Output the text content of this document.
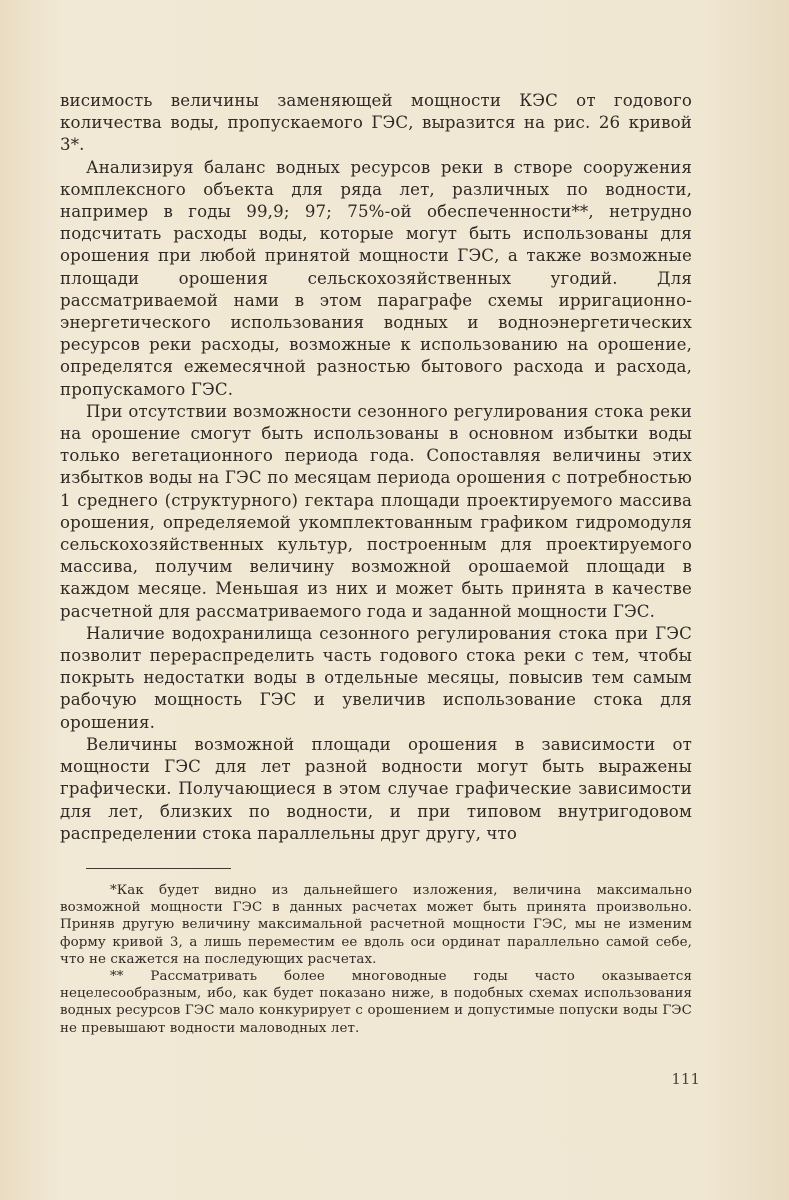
висимость величины заменяющей мощности КЭС от годового количества воды, пропускаемого ГЭС, выразится на рис. 26 кривой 3*.

Анализируя баланс водных ресурсов реки в створе сооружения комплексного объекта для ряда лет, различных по водности, например в годы 99,9; 97; 75%-ой обеспеченности**, нетрудно подсчитать расходы воды, которые могут быть использованы для орошения при любой принятой мощности ГЭС, а также возможные площади орошения сельскохозяйственных угодий. Для рассматриваемой нами в этом параграфе схемы ирригационно-энергетического использования водных и водноэнергетических ресурсов реки расходы, возможные к использованию на орошение, определятся ежемесячной разностью бытового расхода и расхода, пропускамого ГЭС.

При отсутствии возможности сезонного регулирования стока реки на орошение смогут быть использованы в основном избытки воды только вегетационного периода года. Сопоставляя величины этих избытков воды на ГЭС по месяцам периода орошения с потребностью 1 среднего (структурного) гектара площади проектируемого массива орошения, определяемой укомплектованным графиком гидромодуля сельскохозяйственных культур, построенным для проектируемого массива, получим величину возможной орошаемой площади в каждом месяце. Меньшая из них и может быть принята в качестве расчетной для рассматриваемого года и заданной мощности ГЭС.

Наличие водохранилища сезонного регулирования стока при ГЭС позволит перераспределить часть годового стока реки с тем, чтобы покрыть недостатки воды в отдельные месяцы, повысив тем самым рабочую мощность ГЭС и увеличив использование стока для орошения.

Величины возможной площади орошения в зависимости от мощности ГЭС для лет разной водности могут быть выражены графически. Получающиеся в этом случае графические зависимости для лет, близких по водности, и при типовом внутригодовом распределении стока параллельны друг другу, что

*Как будет видно из дальнейшего изложения, величина максимально возможной мощности ГЭС в данных расчетах может быть принята произвольно. Приняв другую величину максимальной расчетной мощности ГЭС, мы не изменим форму кривой 3, а лишь переместим ее вдоль оси ординат параллельно самой себе, что не скажется на последующих расчетах.

** Рассматривать более многоводные годы часто оказывается нецелесообразным, ибо, как будет показано ниже, в подобных схемах использования водных ресурсов ГЭС мало конкурирует с орошением и допустимые попуски воды ГЭС не превышают водности маловодных лет.

111
